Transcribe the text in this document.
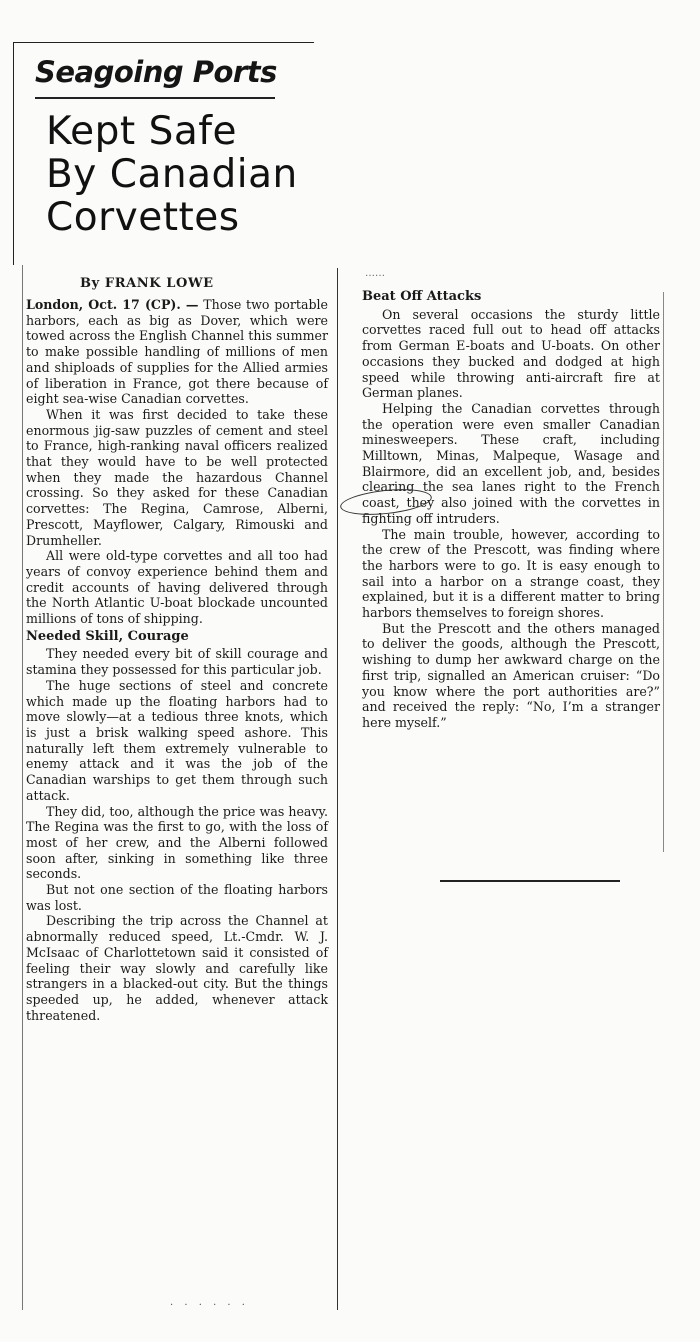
Seagoing Ports
Kept Safe
By Canadian
Corvettes
‥‥‥
By FRANK LOWE

London, Oct. 17 (CP). — Those two portable harbors, each as big as Dover, which were towed across the English Channel this summer to make possible handling of millions of men and shiploads of supplies for the Allied armies of liberation in France, got there because of eight sea-wise Canadian corvettes.

When it was first decided to take these enormous jig-saw puzzles of cement and steel to France, high-ranking naval officers realized that they would have to be well protected when they made the hazardous Channel crossing. So they asked for these Canadian corvettes: The Regina, Camrose, Alberni, Prescott, Mayflower, Calgary, Rimouski and Drumheller.

All were old-type corvettes and all too had years of convoy experience behind them and credit accounts of having delivered through the North Atlantic U-boat blockade uncounted millions of tons of shipping.

Needed Skill, Courage

They needed every bit of skill courage and stamina they possessed for this particular job.

The huge sections of steel and concrete which made up the floating harbors had to move slowly—at a tedious three knots, which is just a brisk walking speed ashore. This naturally left them extremely vulnerable to enemy attack and it was the job of the Canadian warships to get them through such attack.

They did, too, although the price was heavy. The Regina was the first to go, with the loss of most of her crew, and the Alberni followed soon after, sinking in something like three seconds.

But not one section of the floating harbors was lost.

Describing the trip across the Channel at abnormally reduced speed, Lt.-Cmdr. W. J. McIsaac of Charlottetown said it consisted of feeling their way slowly and carefully like strangers in a blacked-out city. But the things speeded up, he added, whenever attack threatened.

Beat Off Attacks

On several occasions the sturdy little corvettes raced full out to head off attacks from German E-boats and U-boats. On other occasions they bucked and dodged at high speed while throwing anti-aircraft fire at German planes.

Helping the Canadian corvettes through the operation were even smaller Canadian minesweepers. These craft, including Milltown, Minas, Malpeque, Wasage and Blairmore, did an excellent job, and, besides clearing the sea lanes right to the French coast, they also joined with the corvettes in fighting off intruders.

The main trouble, however, according to the crew of the Prescott, was finding where the harbors were to go. It is easy enough to sail into a harbor on a strange coast, they explained, but it is a different matter to bring harbors themselves to foreign shores.

But the Prescott and the others managed to deliver the goods, although the Prescott, wishing to dump her awkward charge on the first trip, signalled an American cruiser: “Do you know where the port authorities are?” and received the reply: “No, I’m a stranger here myself.”

· · · · · ·
